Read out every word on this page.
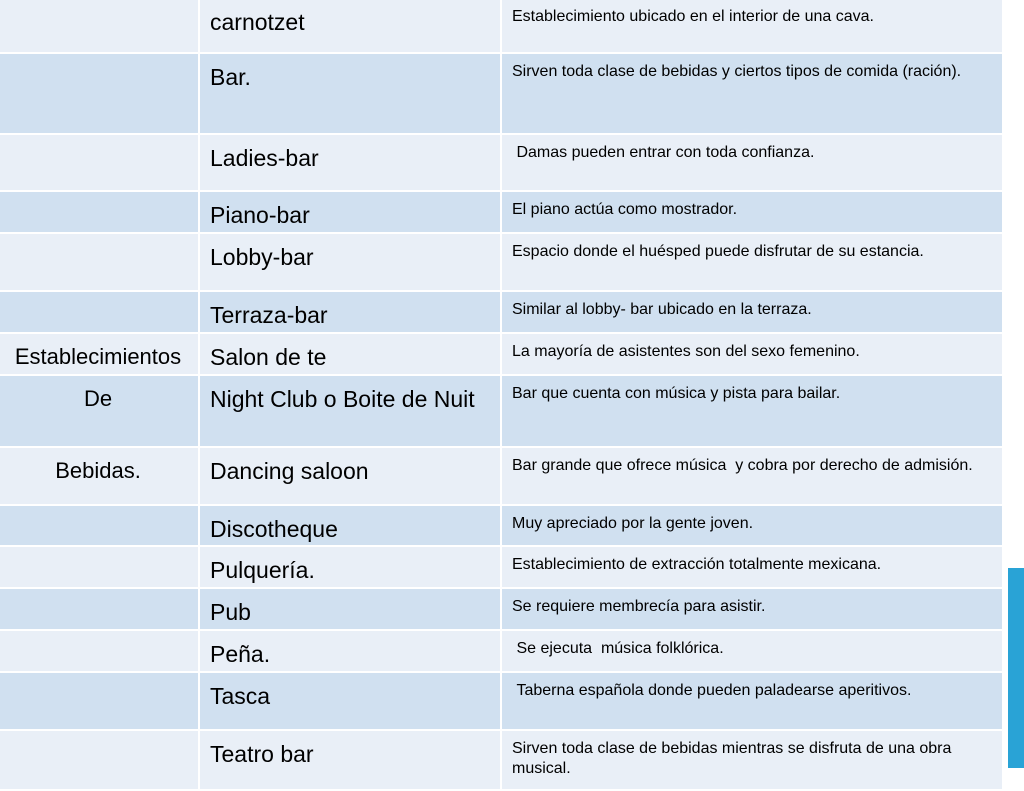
	carnotzet	Establecimiento ubicado en el interior de una cava.
	Bar.	Sirven toda clase de bebidas y ciertos tipos de comida (ración).
	Ladies-bar	Damas pueden entrar con toda confianza.
	Piano-bar	El piano actúa como mostrador.
	Lobby-bar	Espacio donde el huésped puede disfrutar de su estancia.
	Terraza-bar	Similar al lobby- bar ubicado en la terraza.
Establecimientos	Salon de te	La mayoría de asistentes son del sexo femenino.
De	Night Club o Boite de Nuit	Bar que cuenta con música y pista para bailar.
Bebidas.	Dancing saloon	Bar grande que ofrece música  y cobra por derecho de admisión.
	Discotheque	Muy apreciado por la gente joven.
	Pulquería.	Establecimiento de extracción totalmente mexicana.
	Pub	Se requiere membrecía para asistir.
	Peña.	Se ejecuta  música folklórica.
	Tasca	Taberna española donde pueden paladearse aperitivos.
	Teatro bar	Sirven toda clase de bebidas mientras se disfruta de una obra musical.
